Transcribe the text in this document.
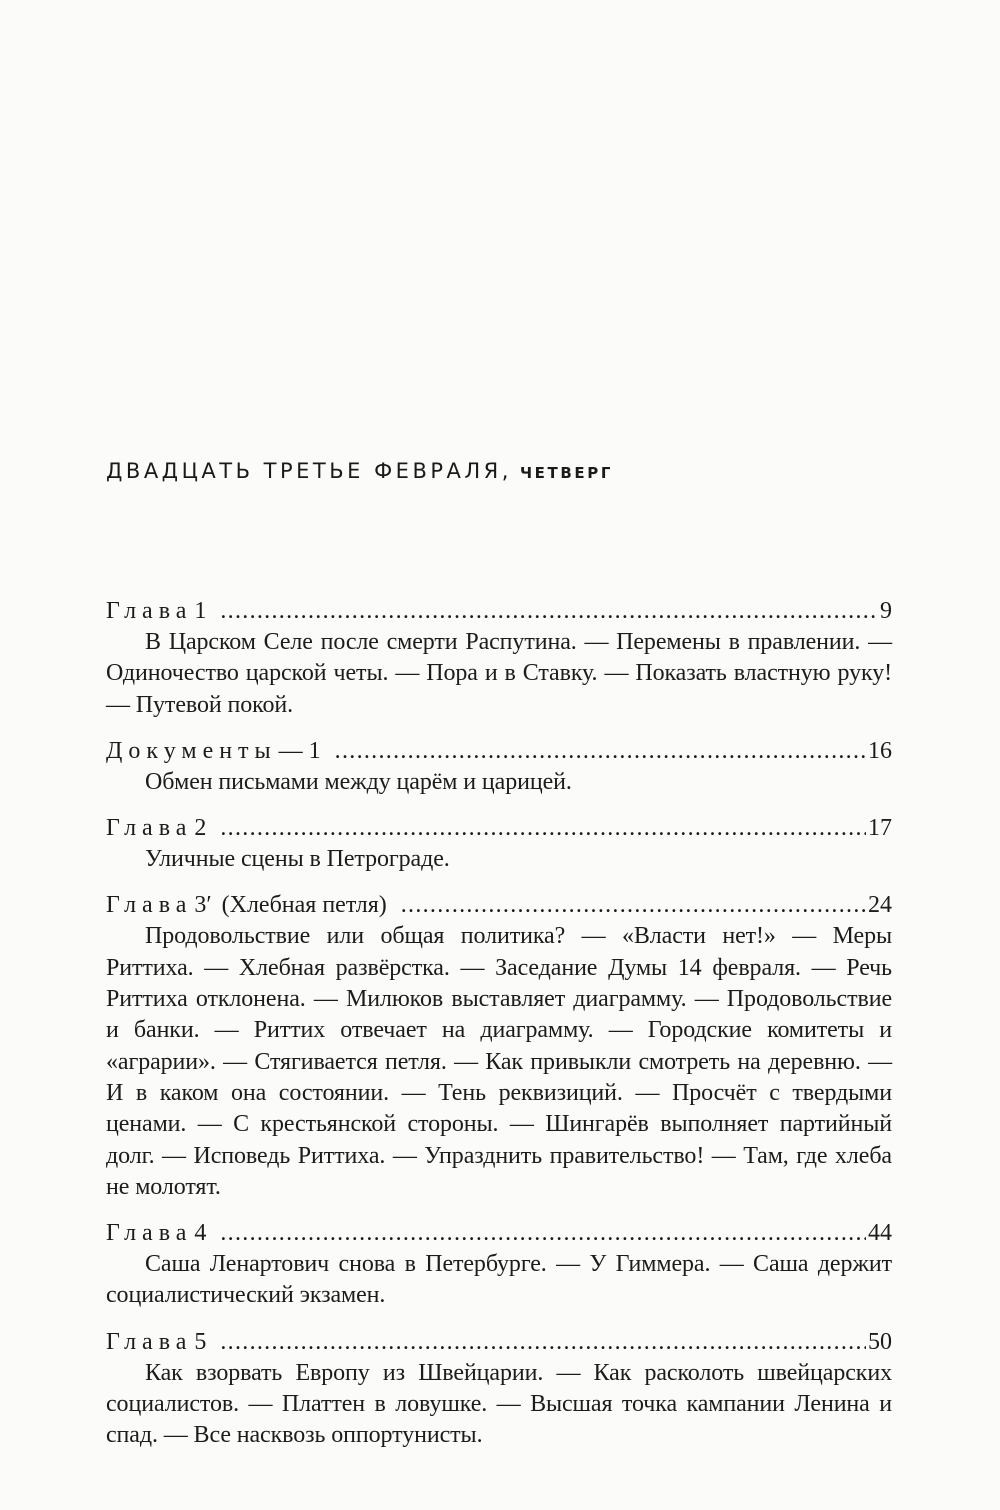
ДВАДЦАТЬ ТРЕТЬЕ ФЕВРАЛЯ, ЧЕТВЕРГ
Глава 1 .....	9

В Царском Селе после смерти Распутина. — Перемены в правлении. — Одиночество царской четы. — Пора и в Ставку. — Показать властную руку! — Путевой покой.

Документы — 1 .....	16

Обмен письмами между царём и царицей.

Глава 2 .....	17

Уличные сцены в Петрограде.

Глава 3′ (Хлебная петля) .....	24

Продовольствие или общая политика? — «Власти нет!» — Меры Риттиха. — Хлебная развёрстка. — Заседание Думы 14 февраля. — Речь Риттиха отклонена. — Милюков выставляет диаграмму. — Продовольствие и банки. — Риттих отвечает на диаграмму. — Городские комитеты и «аграрии». — Стягивается петля. — Как привыкли смотреть на деревню. — И в каком она состоянии. — Тень реквизиций. — Просчёт с твердыми ценами. — С крестьянской стороны. — Шингарёв выполняет партийный долг. — Исповедь Риттиха. — Упразднить правительство! — Там, где хлеба не молотят.

Глава 4 .....	44

Саша Ленартович снова в Петербурге. — У Гиммера. — Саша держит социалистический экзамен.

Глава 5 .....	50

Как взорвать Европу из Швейцарии. — Как расколоть швейцарских социалистов. — Платтен в ловушке. — Высшая точка кампании Ленина и спад. — Все насквозь оппортунисты.
